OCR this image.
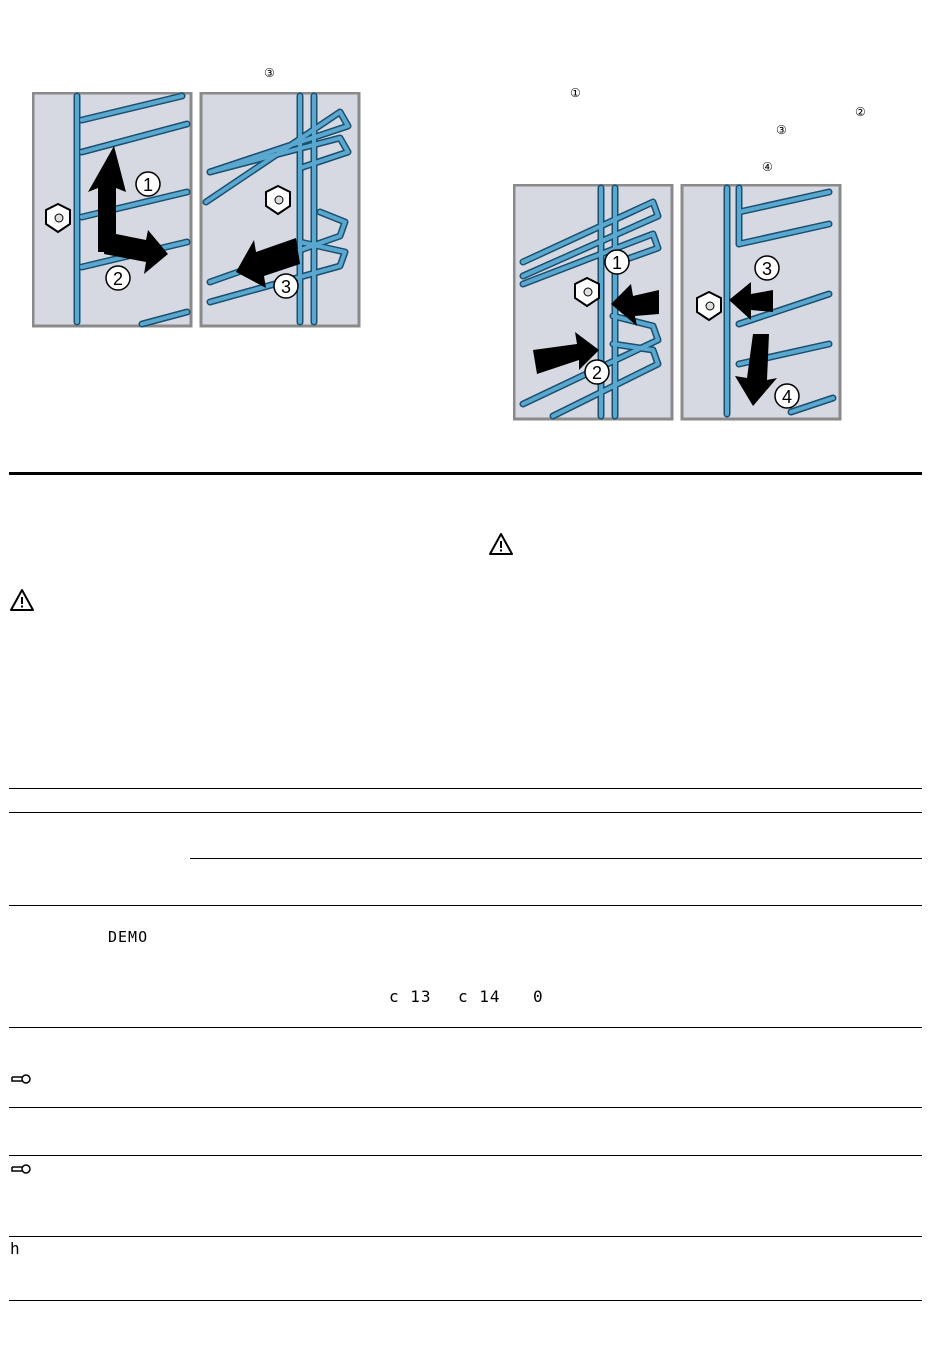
③
①
②
③
④
1
2	3
1
2
3
4
DEMO
c 13 c 14 0
h
